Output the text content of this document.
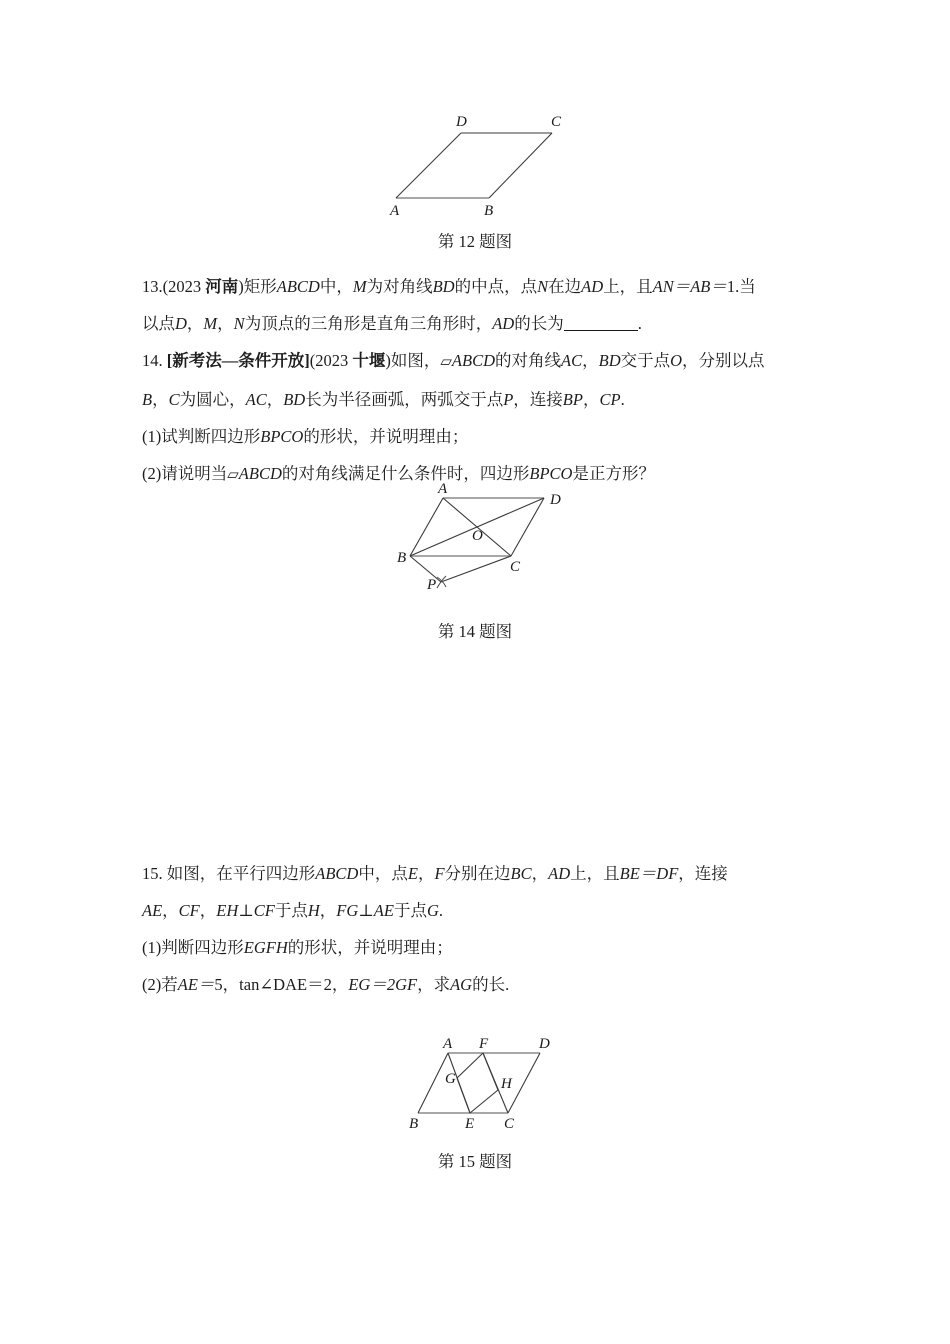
A	B
C
D
第 12 题图
13.(2023 河南)矩形ABCD中，M为对角线BD的中点，点N在边AD上，且AN＝AB＝1.当
以点D，M，N为顶点的三角形是直角三角形时，AD的长为	.
14. [新考法—条件开放](2023 十堰)如图，▱ABCD的对角线AC，BD交于点O，分别以点
B，C为圆心，AC，BD长为半径画弧，两弧交于点P，连接BP，CP.
(1)试判断四边形BPCO的形状，并说明理由；
(2)请说明当▱ABCD的对角线满足什么条件时，四边形BPCO是正方形？
A
B
C
D
O
P
第 14 题图
15. 如图，在平行四边形ABCD中，点E，F分别在边BC，AD上，且BE＝DF，连接
AE，CF，EH⊥CF于点H，FG⊥AE于点G.
(1)判断四边形EGFH的形状，并说明理由；
(2)若AE＝5，tan∠DAE＝2，EG＝2GF，求AG的长.
A F	D
B	E C
G	H
第 15 题图
